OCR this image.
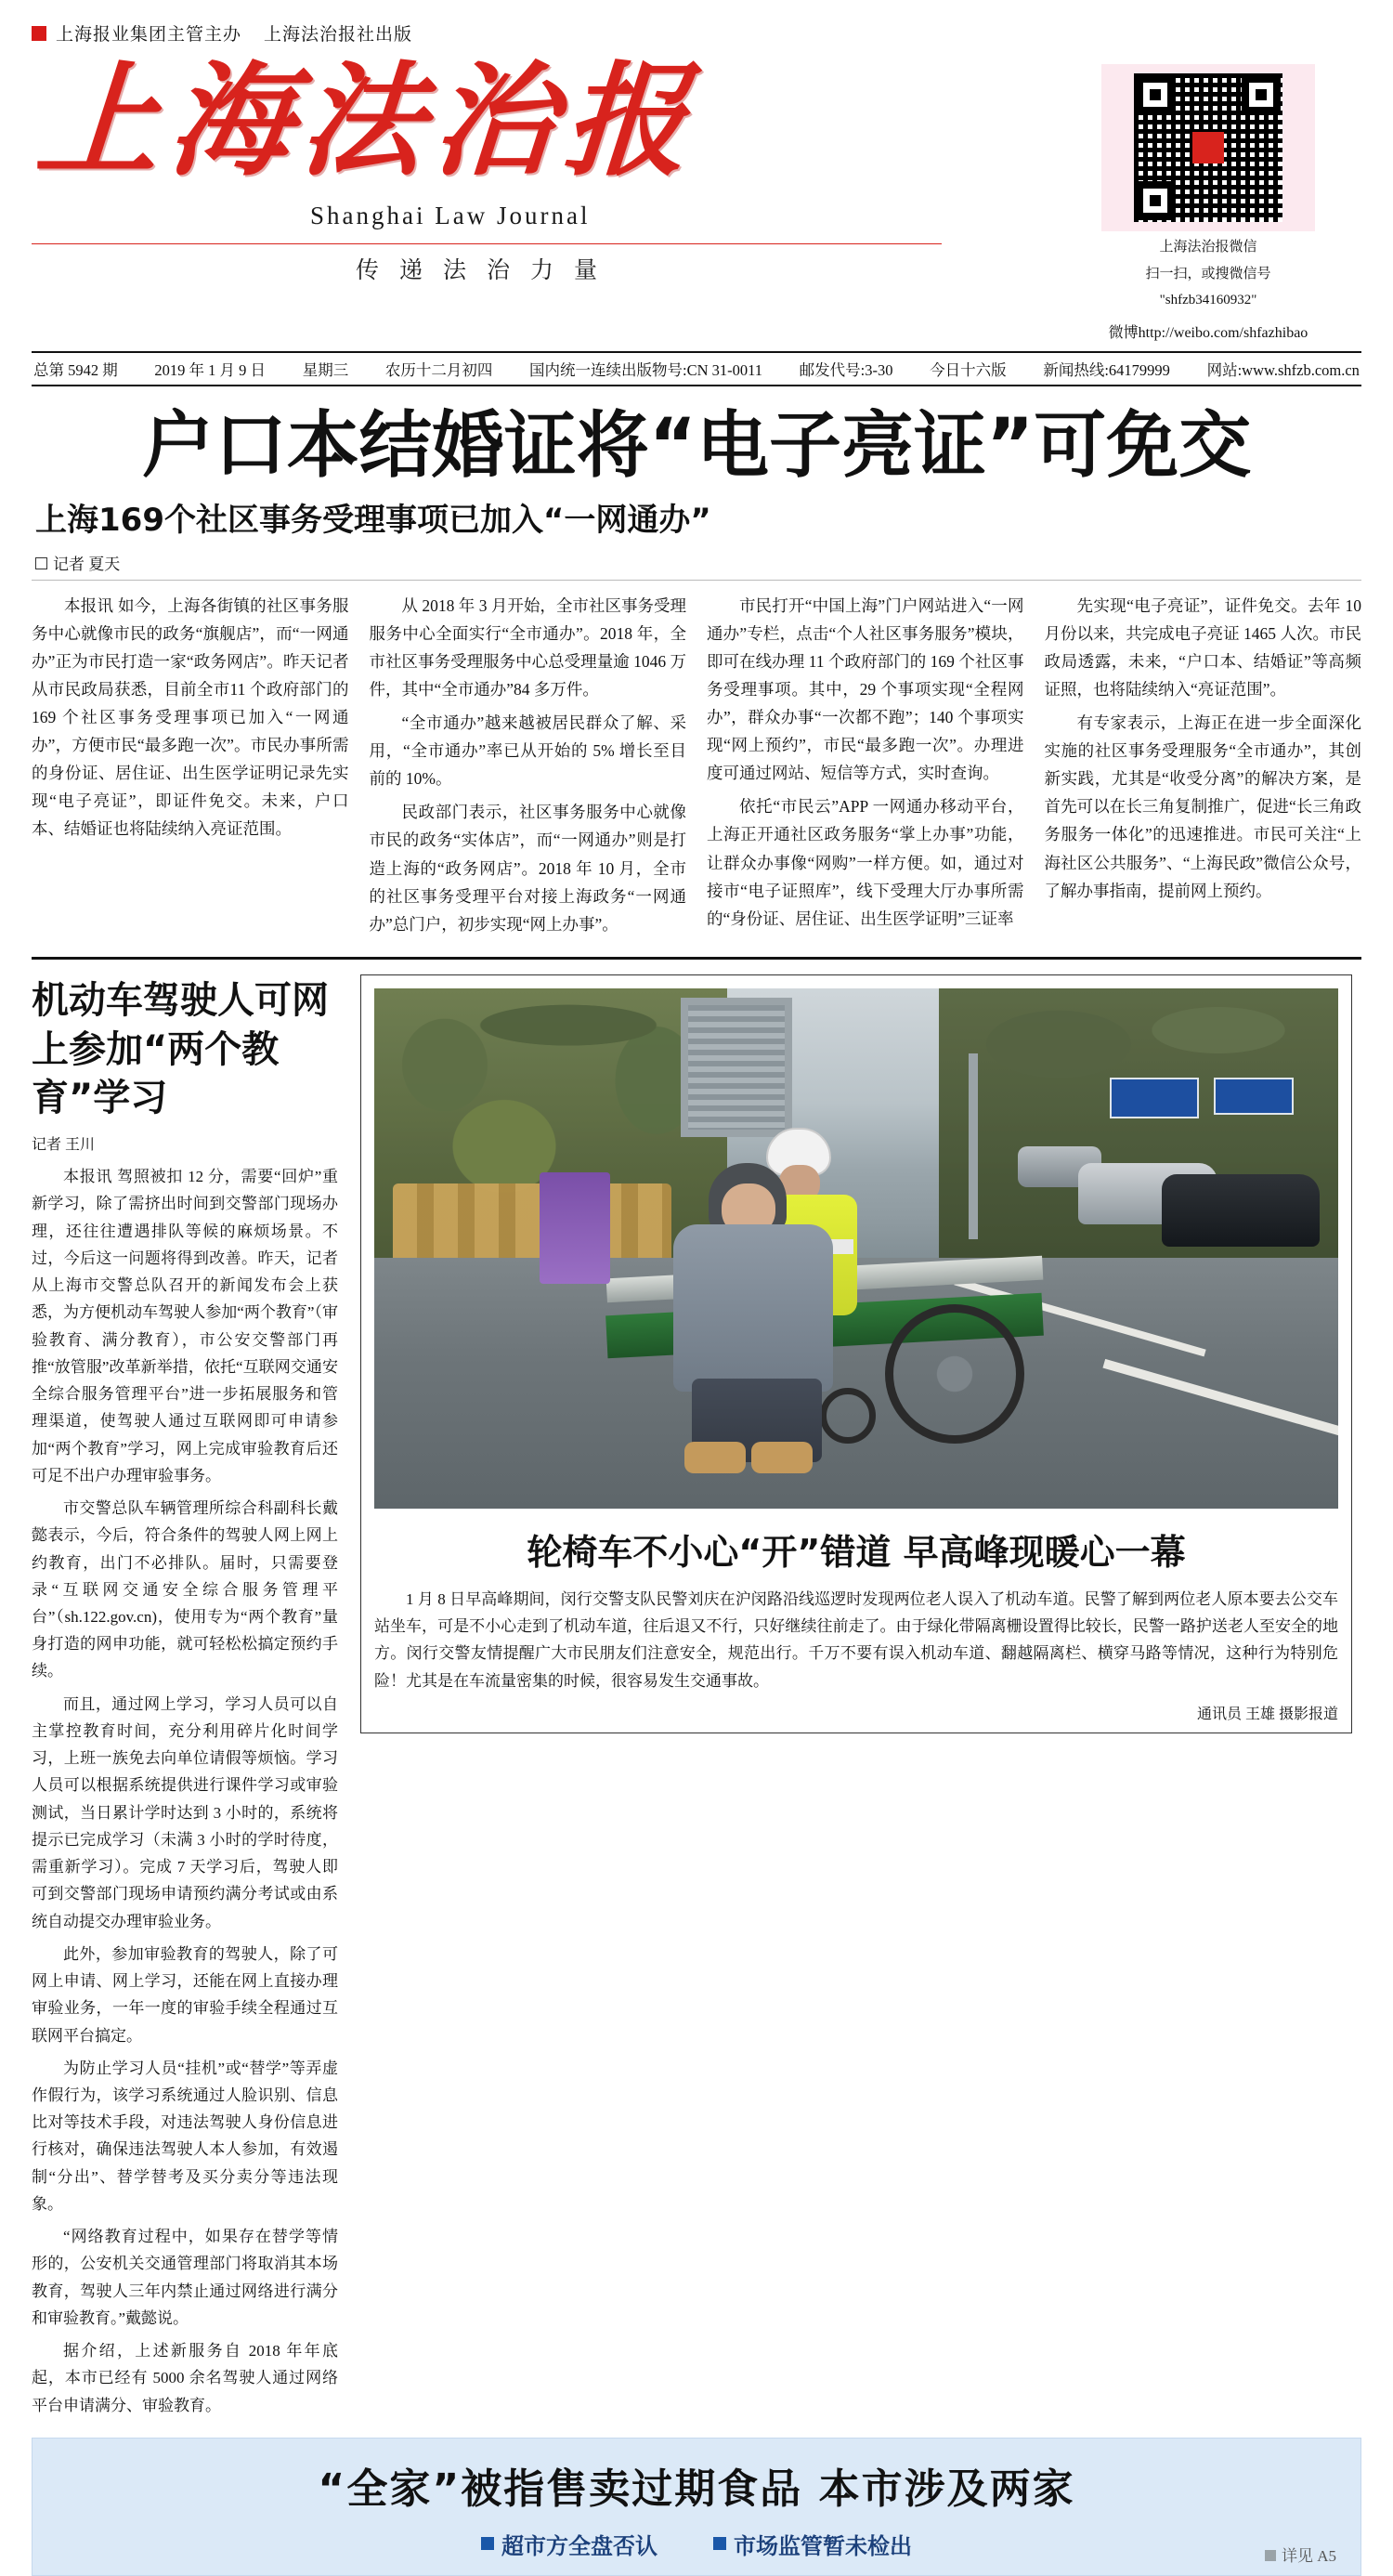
上海报业集团主管主办 上海法治报社出版
上海法治报
Shanghai Law Journal
传递法治力量
上海法治报微信
扫一扫，或搜微信号
"shfzb34160932"
微博http://weibo.com/shfazhibao
总第 5942 期 2019 年 1 月 9 日 星期三 农历十二月初四 国内统一连续出版物号:CN 31-0011 邮发代号:3-30 今日十六版 新闻热线:64179999 网站:www.shfzb.com.cn
户口本结婚证将“电子亮证”可免交
上海169个社区事务受理事项已加入“一网通办”
记者 夏天

本报讯 如今，上海各街镇的社区事务服务中心就像市民的政务“旗舰店”，而“一网通办”正为市民打造一家“政务网店”。昨天记者从市民政局获悉，目前全市11 个政府部门的 169 个社区事务受理事项已加入“一网通办”，方便市民“最多跑一次”。市民办事所需的身份证、居住证、出生医学证明记录先实现“电子亮证”，即证件免交。未来，户口本、结婚证也将陆续纳入亮证范围。

从 2018 年 3 月开始，全市社区事务受理服务中心全面实行“全市通办”。2018 年，全市社区事务受理服务中心总受理量逾 1046 万件，其中“全市通办”84 多万件。

“全市通办”越来越被居民群众了解、采用，“全市通办”率已从开始的 5% 增长至目前的 10%。

民政部门表示，社区事务服务中心就像市民的政务“实体店”，而“一网通办”则是打造上海的“政务网店”。2018 年 10 月，全市的社区事务受理平台对接上海政务“一网通办”总门户，初步实现“网上办事”。

市民打开“中国上海”门户网站进入“一网通办”专栏，点击“个人社区事务服务”模块，即可在线办理 11 个政府部门的 169 个社区事务受理事项。其中，29 个事项实现“全程网办”，群众办事“一次都不跑”；140 个事项实现“网上预约”，市民“最多跑一次”。办理进度可通过网站、短信等方式，实时查询。

依托“市民云”APP 一网通办移动平台，上海正开通社区政务服务“掌上办事”功能，让群众办事像“网购”一样方便。如，通过对接市“电子证照库”，线下受理大厅办事所需的“身份证、居住证、出生医学证明”三证率

先实现“电子亮证”，证件免交。去年 10 月份以来，共完成电子亮证 1465 人次。市民政局透露，未来，“户口本、结婚证”等高频证照，也将陆续纳入“亮证范围”。

有专家表示，上海正在进一步全面深化实施的社区事务受理服务“全市通办”，其创新实践，尤其是“收受分离”的解决方案，是首先可以在长三角复制推广，促进“长三角政务服务一体化”的迅速推进。市民可关注“上海社区公共服务”、“上海民政”微信公众号，了解办事指南，提前网上预约。

机动车驾驶人可网上参加“两个教育”学习
记者 王川

本报讯 驾照被扣 12 分，需要“回炉”重新学习，除了需挤出时间到交警部门现场办理，还往往遭遇排队等候的麻烦场景。不过，今后这一问题将得到改善。昨天，记者从上海市交警总队召开的新闻发布会上获悉，为方便机动车驾驶人参加“两个教育”（审验教育、满分教育），市公安交警部门再推“放管服”改革新举措，依托“互联网交通安全综合服务管理平台”进一步拓展服务和管理渠道，使驾驶人通过互联网即可申请参加“两个教育”学习，网上完成审验教育后还可足不出户办理审验事务。

市交警总队车辆管理所综合科副科长戴懿表示，今后，符合条件的驾驶人网上网上约教育，出门不必排队。届时，只需要登录“互联网交通安全综合服务管理平台”（sh.122.gov.cn)，使用专为“两个教育”量身打造的网申功能，就可轻松松搞定预约手续。

而且，通过网上学习，学习人员可以自主掌控教育时间，充分利用碎片化时间学习，上班一族免去向单位请假等烦恼。学习人员可以根据系统提供进行课件学习或审验测试，当日累计学时达到 3 小时的，系统将提示已完成学习（未满 3 小时的学时待度，需重新学习）。完成 7 天学习后，驾驶人即可到交警部门现场申请预约满分考试或由系统自动提交办理审验业务。

此外，参加审验教育的驾驶人，除了可网上申请、网上学习，还能在网上直接办理审验业务，一年一度的审验手续全程通过互联网平台搞定。

为防止学习人员“挂机”或“替学”等弄虚作假行为，该学习系统通过人脸识别、信息比对等技术手段，对违法驾驶人身份信息进行核对，确保违法驾驶人本人参加，有效遏制“分出”、替学替考及买分卖分等违法现象。

“网络教育过程中，如果存在替学等情形的，公安机关交通管理部门将取消其本场教育，驾驶人三年内禁止通过网络进行满分和审验教育。”戴懿说。

据介绍，上述新服务自 2018 年年底起，本市已经有 5000 余名驾驶人通过网络平台申请满分、审验教育。

轮椅车不小心“开”错道 早高峰现暖心一幕

1 月 8 日早高峰期间，闵行交警支队民警刘庆在沪闵路沿线巡逻时发现两位老人误入了机动车道。民警了解到两位老人原本要去公交车站坐车，可是不小心走到了机动车道，往后退又不行，只好继续往前走了。由于绿化带隔离栅设置得比较长，民警一路护送老人至安全的地方。闵行交警友情提醒广大市民朋友们注意安全，规范出行。千万不要有误入机动车道、翻越隔离栏、横穿马路等情况，这种行为特别危险！尤其是在车流量密集的时候，很容易发生交通事故。

通讯员 王雄 摄影报道
“全家”被指售卖过期食品 本市涉及两家
超市方全盘否认	市场监管暂未检出	详见 A5
